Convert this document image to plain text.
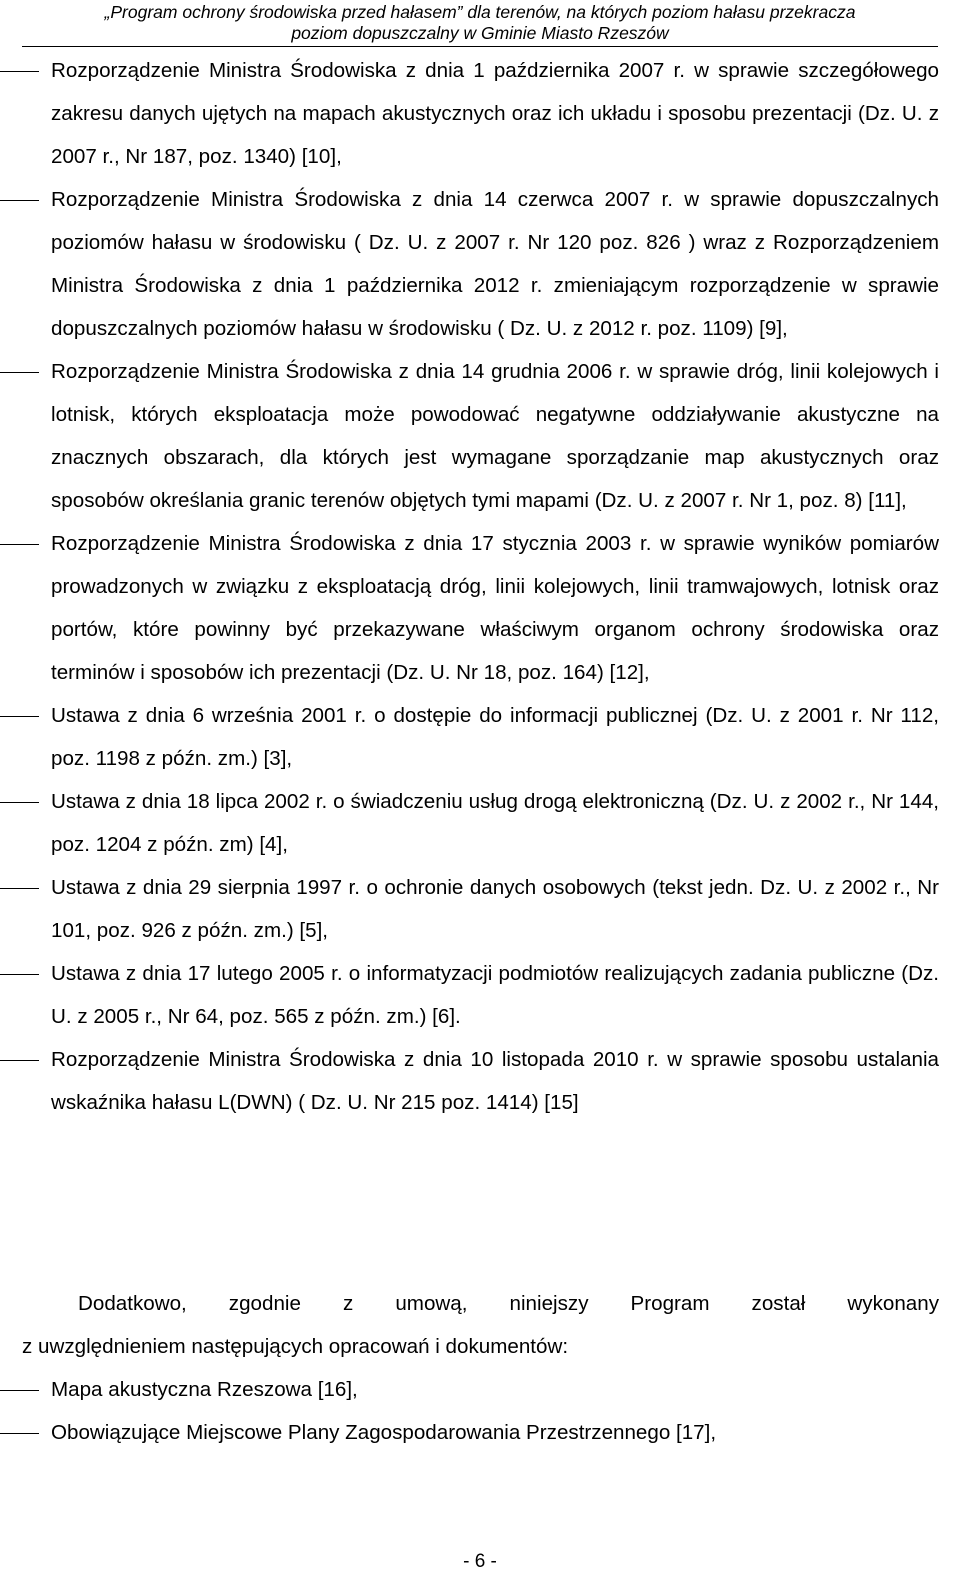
„Program ochrony środowiska przed hałasem” dla terenów, na których poziom hałasu przekracza
poziom dopuszczalny w Gminie Miasto Rzeszów
Rozporządzenie Ministra Środowiska z dnia 1 października 2007 r. w sprawie szczegółowego zakresu danych ujętych na mapach akustycznych oraz ich układu i sposobu prezentacji (Dz. U. z 2007 r., Nr 187, poz. 1340) [10],
Rozporządzenie Ministra Środowiska z dnia 14 czerwca 2007 r. w sprawie dopuszczalnych poziomów hałasu w środowisku ( Dz. U. z 2007 r. Nr 120 poz. 826 ) wraz z Rozporządzeniem Ministra Środowiska z dnia 1 października 2012 r. zmieniającym rozporządzenie w sprawie dopuszczalnych poziomów hałasu w środowisku ( Dz. U. z 2012 r. poz. 1109) [9],
Rozporządzenie Ministra Środowiska z dnia 14 grudnia 2006 r. w sprawie dróg, linii kolejowych i lotnisk, których eksploatacja może powodować negatywne oddziaływanie akustyczne na znacznych obszarach, dla których jest wymagane sporządzanie map akustycznych oraz sposobów określania granic terenów objętych tymi mapami (Dz. U. z 2007 r. Nr 1, poz. 8) [11],
Rozporządzenie Ministra Środowiska z dnia 17 stycznia 2003 r. w sprawie wyników pomiarów prowadzonych w związku z eksploatacją dróg, linii kolejowych, linii tramwajowych, lotnisk oraz portów, które powinny być przekazywane właściwym organom ochrony środowiska oraz terminów i sposobów ich prezentacji (Dz. U. Nr 18, poz. 164) [12],
Ustawa z dnia 6 września 2001 r. o dostępie do informacji publicznej (Dz. U. z 2001 r. Nr 112, poz. 1198 z późn. zm.) [3],
Ustawa z dnia 18 lipca 2002 r. o świadczeniu usług drogą elektroniczną (Dz. U. z 2002 r., Nr 144, poz. 1204 z późn. zm) [4],
Ustawa z dnia 29 sierpnia 1997 r. o ochronie danych osobowych (tekst jedn. Dz. U. z 2002 r., Nr 101, poz. 926 z późn. zm.) [5],
Ustawa z dnia 17 lutego 2005 r. o informatyzacji podmiotów realizujących zadania publiczne (Dz. U. z 2005 r., Nr 64, poz. 565 z późn. zm.) [6].
Rozporządzenie Ministra Środowiska z dnia 10 listopada 2010 r. w sprawie sposobu ustalania wskaźnika hałasu L(DWN) ( Dz. U. Nr 215 poz. 1414) [15]
Dodatkowo, zgodnie z umową, niniejszy Program został wykonany
z uwzględnieniem następujących opracowań i dokumentów:
Mapa akustyczna Rzeszowa [16],
Obowiązujące Miejscowe Plany Zagospodarowania Przestrzennego [17],
- 6 -
